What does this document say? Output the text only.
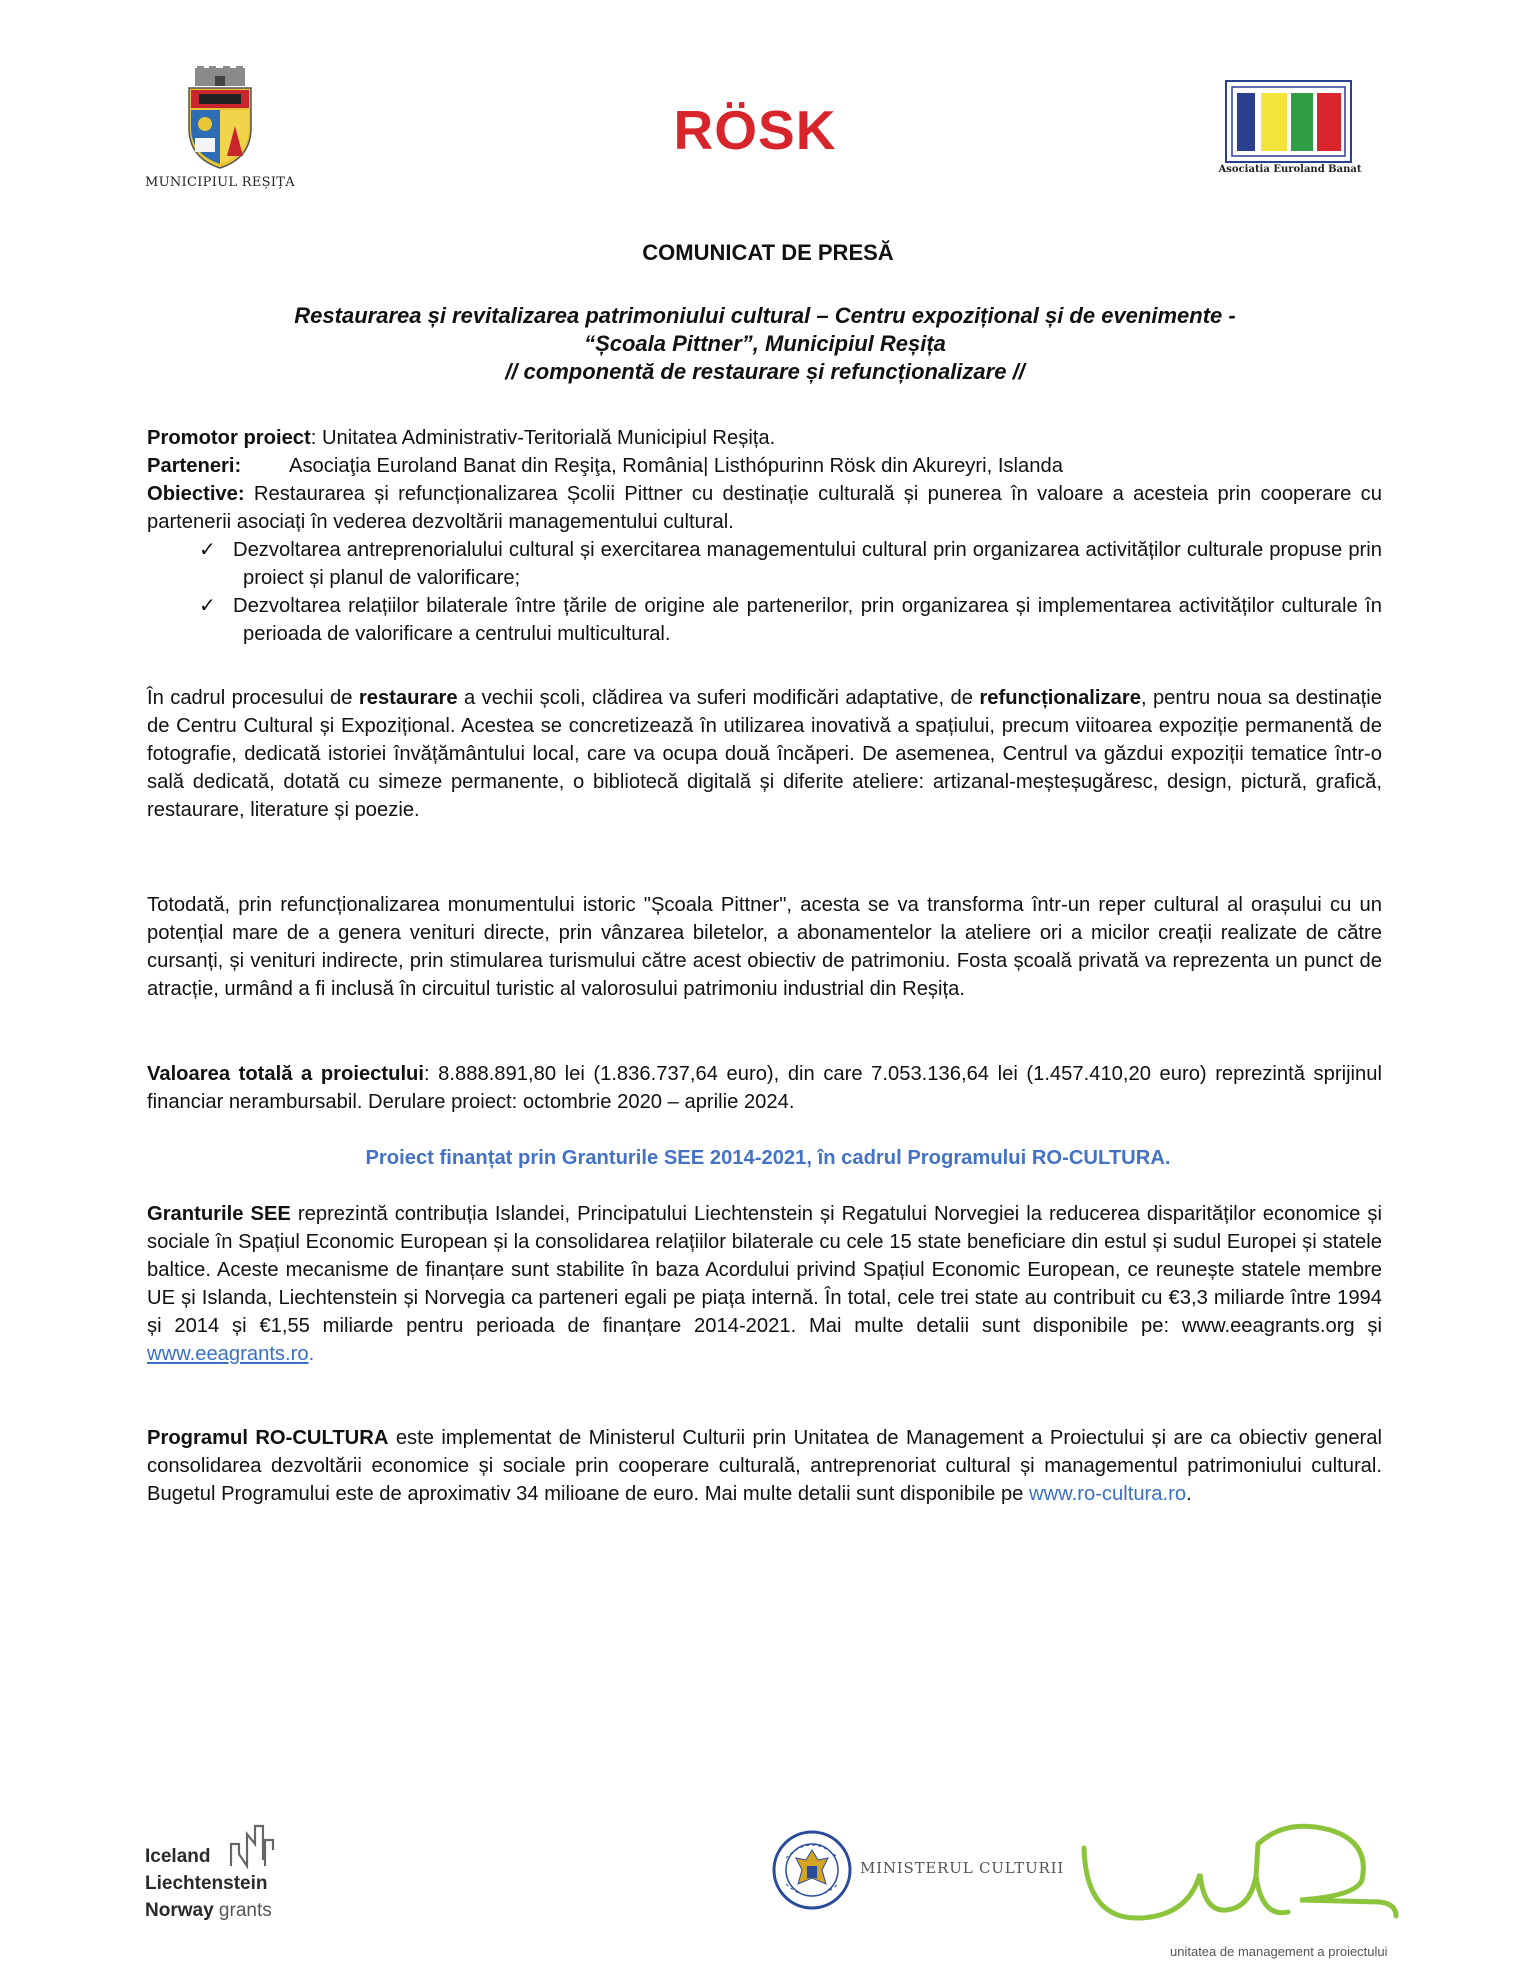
MUNICIPIUL REȘIȚA
RÖSK
Asociatia Euroland Banat
COMUNICAT DE PRESĂ
Restaurarea și revitalizarea patrimoniului cultural – Centru expozițional și de evenimente -
“Școala Pittner”, Municipiul Reșița
// componentă de restaurare și refuncționalizare //
Promotor proiect: Unitatea Administrativ-Teritorială Municipiul Reșița.
Parteneri: Asociaţia Euroland Banat din Reşiţa, România| Listhópurinn Rösk din Akureyri, Islanda

Obiective: Restaurarea și refuncționalizarea Școlii Pittner cu destinație culturală și punerea în valoare a acesteia prin cooperare cu partenerii asociați în vederea dezvoltării managementului cultural.

✓ Dezvoltarea antreprenorialului cultural și exercitarea managementului cultural prin organizarea activităților culturale propuse prin proiect și planul de valorificare;
✓ Dezvoltarea relațiilor bilaterale între țările de origine ale partenerilor, prin organizarea și implementarea activităților culturale în perioada de valorificare a centrului multicultural.

În cadrul procesului de restaurare a vechii școli, clădirea va suferi modificări adaptative, de refuncționalizare, pentru noua sa destinație de Centru Cultural și Expozițional. Acestea se concretizează în utilizarea inovativă a spațiului, precum viitoarea expoziție permanentă de fotografie, dedicată istoriei învățământului local, care va ocupa două încăperi. De asemenea, Centrul va găzdui expoziții tematice într-o sală dedicată, dotată cu simeze permanente, o bibliotecă digitală și diferite ateliere: artizanal-meșteșugăresc, design, pictură, grafică, restaurare, literature și poezie.

Totodată, prin refuncționalizarea monumentului istoric "Școala Pittner", acesta se va transforma într-un reper cultural al orașului cu un potențial mare de a genera venituri directe, prin vânzarea biletelor, a abonamentelor la ateliere ori a micilor creații realizate de către cursanți, și venituri indirecte, prin stimularea turismului către acest obiectiv de patrimoniu. Fosta școală privată va reprezenta un punct de atracție, urmând a fi inclusă în circuitul turistic al valorosului patrimoniu industrial din Reșița.

Valoarea totală a proiectului: 8.888.891,80 lei (1.836.737,64 euro), din care 7.053.136,64 lei (1.457.410,20 euro) reprezintă sprijinul financiar nerambursabil. Derulare proiect: octombrie 2020 – aprilie 2024.

Proiect finanțat prin Granturile SEE 2014-2021, în cadrul Programului RO-CULTURA.

Granturile SEE reprezintă contribuția Islandei, Principatului Liechtenstein și Regatului Norvegiei la reducerea disparităților economice și sociale în Spațiul Economic European și la consolidarea relațiilor bilaterale cu cele 15 state beneficiare din estul și sudul Europei și statele baltice. Aceste mecanisme de finanțare sunt stabilite în baza Acordului privind Spațiul Economic European, ce reunește statele membre UE și Islanda, Liechtenstein și Norvegia ca parteneri egali pe piața internă. În total, cele trei state au contribuit cu €3,3 miliarde între 1994 și 2014 și €1,55 miliarde pentru perioada de finanțare 2014-2021. Mai multe detalii sunt disponibile pe: www.eeagrants.org și www.eeagrants.ro.

Programul RO-CULTURA este implementat de Ministerul Culturii prin Unitatea de Management a Proiectului și are ca obiectiv general consolidarea dezvoltării economice și sociale prin cooperare culturală, antreprenoriat cultural și managementul patrimoniului cultural. Bugetul Programului este de aproximativ 34 milioane de euro. Mai multe detalii sunt disponibile pe www.ro-cultura.ro.

Iceland
Liechtenstein
Norway grants
MINISTERUL CULTURII
unitatea de management a proiectului
